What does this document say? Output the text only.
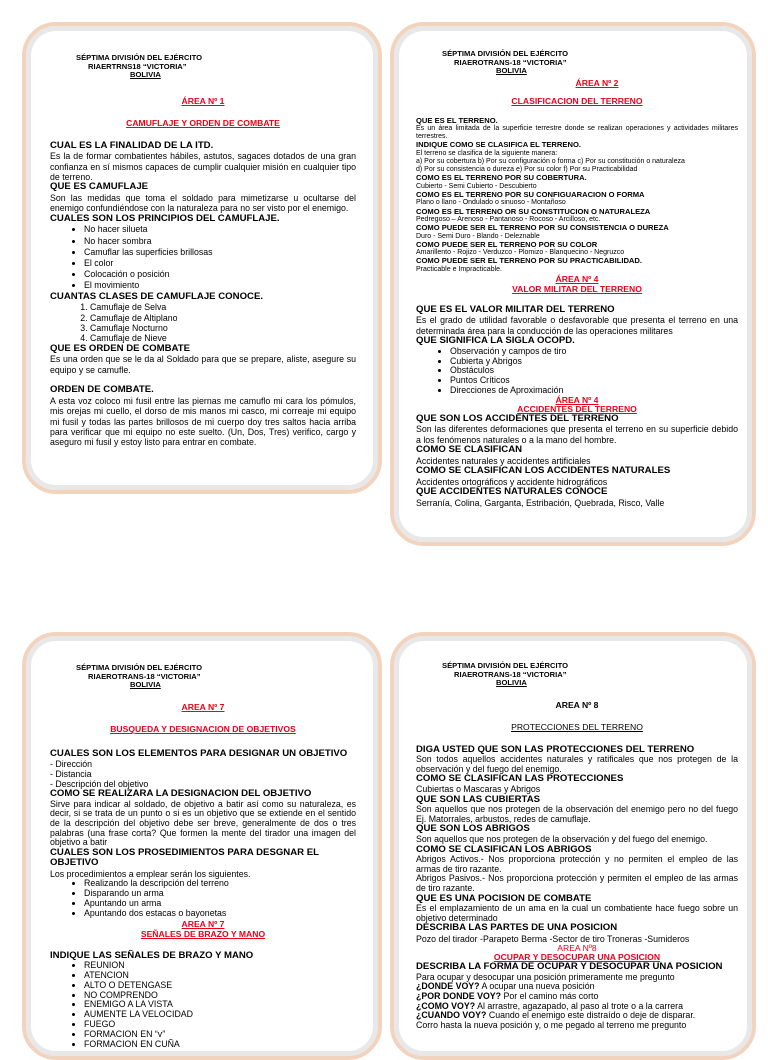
SÉPTIMA DIVISIÓN DEL EJÉRCITO
RIAERTRNS18 “VICTORIA”
BOLIVIA
ÁREA Nº 1
CAMUFLAJE Y ORDEN DE COMBATE
CUAL ES LA FINALIDAD DE LA ITD.
Es la de formar combatientes hábiles, astutos, sagaces dotados de una gran confianza en sí mismos capaces de cumplir cualquier misión en cualquier tipo de terreno.
QUE ES CAMUFLAJE
Son las medidas que toma el soldado para mimetizarse u ocultarse del enemigo confundiéndose con la naturaleza para no ser visto por el enemigo.
CUALES SON LOS PRINCIPIOS DEL CAMUFLAJE.
• No hacer silueta
• No hacer sombra
• Camuflar las superficies brillosas
• El color
• Colocación o posición
• El movimiento
CUANTAS CLASES DE CAMUFLAJE CONOCE.
1. Camuflaje de Selva
2. Camuflaje de Altiplano
3. Camuflaje Nocturno
4. Camuflaje de Nieve
QUE ES ORDEN DE COMBATE
Es una orden que se le da al Soldado para que se prepare, aliste, asegure su equipo y se camufle.
ORDEN DE COMBATE.
A esta voz coloco mi fusil entre las piernas me camuflo mi cara los pómulos, mis orejas mi cuello, el dorso de mis manos mi casco, mi correaje mi equipo mi fusil y todas las partes brillosos de mi cuerpo doy tres saltos hacia arriba para verificar que mi equipo no este suelto. (Un, Dos, Tres) verifico, cargo y aseguro mi fusil y estoy listo para entrar en combate.
SÉPTIMA DIVISIÓN DEL EJÉRCITO
RIAEROTRANS-18 “VICTORIA”
BOLIVIA
ÁREA Nº 2
CLASIFICACION DEL TERRENO
QUE ES EL TERRENO.
Es un área limitada de la superficie terrestre donde se realizan operaciones y actividades militares terrestres.
INDIQUE COMO SE CLASIFICA EL TERRENO.
El terreno se clasifica de la siguiente manera:
a) Por su cobertura b) Por su configuración o forma c) Por su constitución o naturaleza
d) Por su consistencia o dureza e) Por su color f) Por su Practicabilidad
COMO ES EL TERRENO POR SU COBERTURA.
Cubierto - Semi Cubierto - Descubierto
COMO ES EL TERRENO POR SU CONFIGUARACION O FORMA
Plano o llano - Ondulado o sinuoso - Montañoso
COMO ES EL TERRENO OR SU CONSTITUCION O NATURALEZA
Pedregoso – Arenoso - Pantanoso - Rocoso - Arcilloso, etc.
COMO PUEDE SER EL TERRENO POR SU CONSISTENCIA O DUREZA
Duro - Semi Duro - Blando - Deleznable
COMO PUEDE SER EL TERRENO POR SU COLOR
Amarillento - Rojizo - Verduzco - Plomizo - Blanquecino - Negruzco
COMO PUEDE SER EL TERRENO POR SU PRACTICABILIDAD.
Practicable e Impracticable.
ÁREA Nº 4
VALOR MILITAR DEL TERRENO
QUE ES EL VALOR MILITAR DEL TERRENO
Es el grado de utilidad favorable o desfavorable que presenta el terreno en una determinada área para la conducción de las operaciones militares
QUE SIGNIFICA LA SIGLA OCOPD.
• Observación y campos de tiro
• Cubierta y Abrigos
• Obstáculos
• Puntos Críticos
• Direcciones de Aproximación
ÁREA Nº 4
ACCIDENTES DEL TERRENO
QUE SON LOS ACCIDENTES DEL TERRENO
Son las diferentes deformaciones que presenta el terreno en su superficie debido a los fenómenos naturales o a la mano del hombre.
COMO SE CLASIFICAN
Accidentes naturales y accidentes artificiales
COMO SE CLASIFICAN LOS ACCIDENTES NATURALES
Accidentes ortográficos y accidente hidrográficos
QUE ACCIDENTES NATURALES CONOCE
Serranía, Colina, Garganta, Estribación, Quebrada, Risco, Valle
SÉPTIMA DIVISIÓN DEL EJÉRCITO
RIAEROTRANS-18 “VICTORIA”
BOLIVIA
AREA Nº 7
BUSQUEDA Y DESIGNACION DE OBJETIVOS
CUALES SON LOS ELEMENTOS PARA DESIGNAR UN OBJETIVO
- Dirección
- Distancia
- Descripción del objetivo
COMO SE REALIZARA LA DESIGNACION DEL OBJETIVO
Sirve para indicar al soldado, de objetivo a batir así como su naturaleza, es decir, si se trata de un punto o si es un objetivo que se extiende en el sentido de la descripción del objetivo debe ser breve, generalmente de dos o tres palabras (una frase corta? Que formen la mente del tirador una imagen del objetivo a batir
CUALES SON LOS PROSEDIMIENTOS PARA DESGNAR EL OBJETIVO
Los procedimientos a emplear serán los siguientes.
• Realizando la descripción del terreno
• Disparando un arma
• Apuntando un arma
• Apuntando dos estacas o bayonetas
AREA Nº 7
SEÑALES DE BRAZO Y MANO
INDIQUE LAS SEÑALES DE BRAZO Y MANO
• REUNION
• ATENCION
• ALTO O DETENGASE
• NO COMPRENDO
• ENEMIGO A LA VISTA
• AUMENTE LA VELOCIDAD
• FUEGO
• FORMACION EN “v”
• FORMACION EN CUÑA
SÉPTIMA DIVISIÓN DEL EJÉRCITO
RIAEROTRANS-18 “VICTORIA”
BOLIVIA
AREA Nº 8
PROTECCIONES DEL TERRENO
DIGA USTED QUE SON LAS PROTECCIONES DEL TERRENO
Son todos aquellos accidentes naturales y ratificales que nos protegen de la observación y del fuego del enemigo.
COMO SE CLASIFICAN LAS PROTECCIONES
Cubiertas o Mascaras y Abrigos
QUE SON LAS CUBIERTAS
Son aquellos que nos protegen de la observación del enemigo pero no del fuego Ej. Matorrales, arbustos, redes de camuflaje.
QUE SON LOS ABRIGOS
Son aquellos que nos protegen de la observación y del fuego del enemigo.
COMO SE CLASIFICAN LOS ABRIGOS
Abrigos Activos.- Nos proporciona protección y no permiten el empleo de las armas de tiro razante.
Abrigos Pasivos.- Nos proporciona protección y permiten el empleo de las armas de tiro razante.
QUE ES UNA POCISION DE COMBATE
Es el emplazamiento de un ama en la cual un combatiente hace fuego sobre un objetivo determinado
DESCRIBA LAS PARTES DE UNA POSICION
Pozo del tirador -Parapeto Berma -Sector de tiro Troneras -Sumideros
AREA Nº8
OCUPAR Y DESOCUPAR UNA POSICION
DESCRIBA LA FORMA DE OCUPAR Y DESOCUPAR UNA POSICION
Para ocupar y desocupar una posición primeramente me pregunto
¿DONDE VOY? A ocupar una nueva posición
¿POR DONDE VOY? Por el camino más corto
¿COMO VOY? Al arrastre, agazapado, al paso al trote o a la carrera
¿CUANDO VOY? Cuando el enemigo este distraído o deje de disparar.
Corro hasta la nueva posición y, o me pegado al terreno me pregunto
